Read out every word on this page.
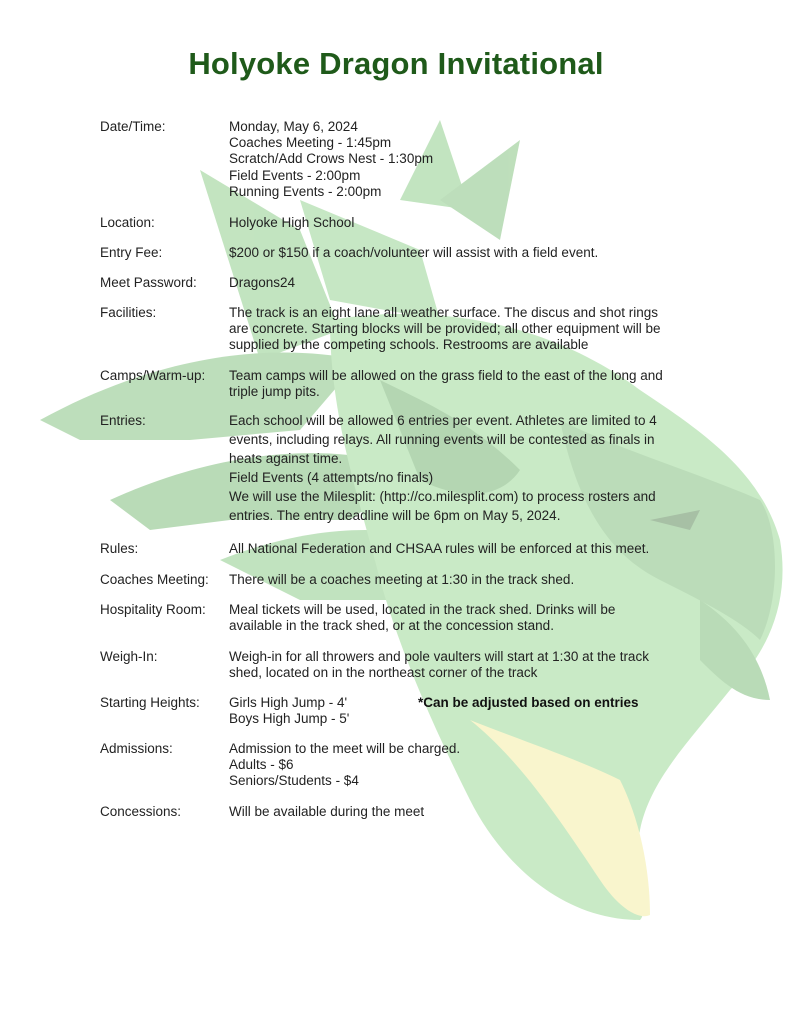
Holyoke Dragon Invitational
Date/Time:	Monday, May 6, 2024
Coaches Meeting - 1:45pm
Scratch/Add Crows Nest - 1:30pm
Field Events - 2:00pm
Running Events - 2:00pm
Location:	Holyoke High School
Entry Fee:	$200 or $150 if a coach/volunteer will assist with a field event.
Meet Password: Dragons24
Facilities:	The track is an eight lane all weather surface. The discus and shot rings
are concrete. Starting blocks will be provided; all other equipment will be
supplied by the competing schools. Restrooms are available
Camps/Warm-up: Team camps will be allowed on the grass field to the east of the long and
triple jump pits.
Entries:	Each school will be allowed 6 entries per event. Athletes are limited to 4
events, including relays. All running events will be contested as finals in
heats against time.
Field Events (4 attempts/no finals)
We will use the Milesplit: (http://co.milesplit.com) to process rosters and
entries. The entry deadline will be 6pm on May 5, 2024.
Rules:	All National Federation and CHSAA rules will be enforced at this meet.
Coaches Meeting: There will be a coaches meeting at 1:30 in the track shed.
Hospitality Room: Meal tickets will be used, located in the track shed. Drinks will be
available in the track shed, or at the concession stand.
Weigh-In:	Weigh-in for all throwers and pole vaulters will start at 1:30 at the track
shed, located on in the northeast corner of the track
Starting Heights: Girls High Jump - 4'
Boys High Jump - 5'
*Can be adjusted based on entries
Admissions:	Admission to the meet will be charged.
Adults - $6
Seniors/Students - $4
Concessions:	Will be available during the meet
